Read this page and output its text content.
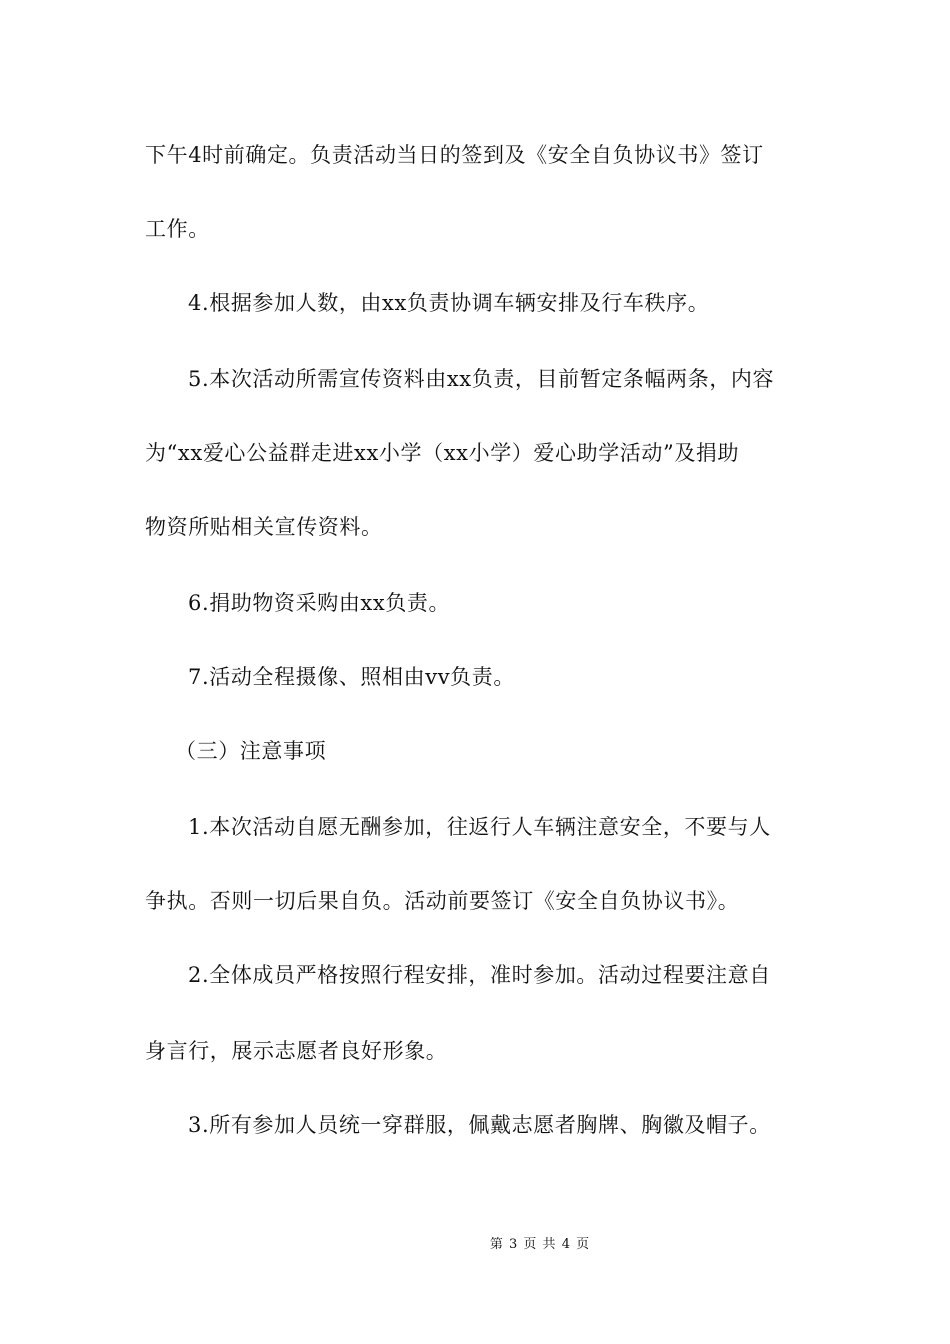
下午4时前确定。负责活动当日的签到及《安全自负协议书》签订
工作。
4.根据参加人数，由xx负责协调车辆安排及行车秩序。
5.本次活动所需宣传资料由xx负责，目前暂定条幅两条，内容
为“xx爱心公益群走进xx小学（xx小学）爱心助学活动”及捐助
物资所贴相关宣传资料。
6.捐助物资采购由xx负责。
7.活动全程摄像、照相由vv负责。
（三）注意事项
1.本次活动自愿无酬参加，往返行人车辆注意安全，不要与人
争执。否则一切后果自负。活动前要签订《安全自负协议书》。
2.全体成员严格按照行程安排，准时参加。活动过程要注意自
身言行，展示志愿者良好形象。
3.所有参加人员统一穿群服，佩戴志愿者胸牌、胸徽及帽子。
第 3 页 共 4 页
